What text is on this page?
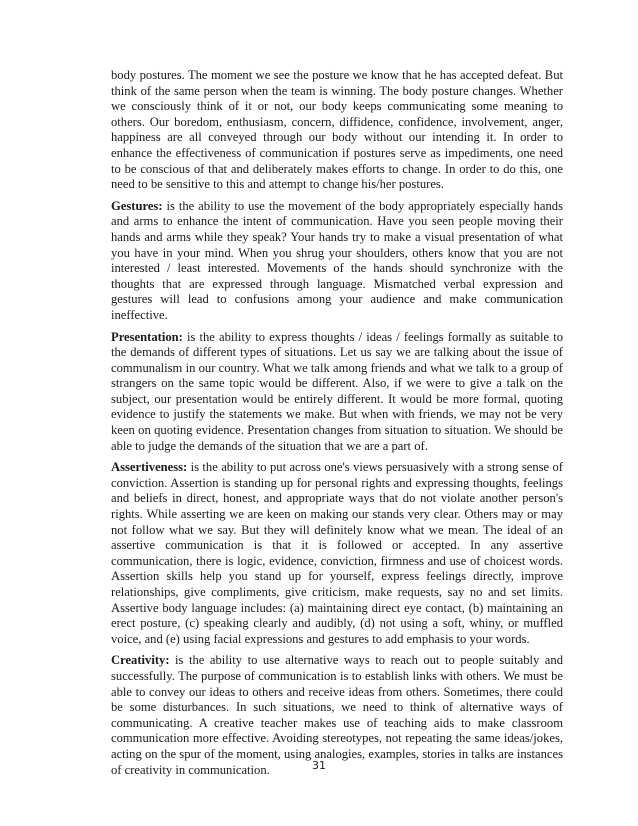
body postures. The moment we see the posture we know that he has accepted defeat. But think of the same person when the team is winning. The body posture changes. Whether we consciously think of it or not, our body keeps communicating some meaning to others. Our boredom, enthusiasm, concern, diffidence, confidence, involvement, anger, happiness are all conveyed through our body without our intending it. In order to enhance the effectiveness of communication if postures serve as impediments, one need to be conscious of that and deliberately makes efforts to change. In order to do this, one need to be sensitive to this and attempt to change his/her postures.

Gestures: is the ability to use the movement of the body appropriately especially hands and arms to enhance the intent of communication. Have you seen people moving their hands and arms while they speak? Your hands try to make a visual presentation of what you have in your mind. When you shrug your shoulders, others know that you are not interested / least interested. Movements of the hands should synchronize with the thoughts that are expressed through language. Mismatched verbal expression and gestures will lead to confusions among your audience and make communication ineffective.

Presentation: is the ability to express thoughts / ideas / feelings formally as suitable to the demands of different types of situations. Let us say we are talking about the issue of communalism in our country. What we talk among friends and what we talk to a group of strangers on the same topic would be different. Also, if we were to give a talk on the subject, our presentation would be entirely different. It would be more formal, quoting evidence to justify the statements we make. But when with friends, we may not be very keen on quoting evidence. Presentation changes from situation to situation. We should be able to judge the demands of the situation that we are a part of.

Assertiveness: is the ability to put across one's views persuasively with a strong sense of conviction. Assertion is standing up for personal rights and expressing thoughts, feelings and beliefs in direct, honest, and appropriate ways that do not violate another person's rights. While asserting we are keen on making our stands very clear. Others may or may not follow what we say. But they will definitely know what we mean. The ideal of an assertive communication is that it is followed or accepted. In any assertive communication, there is logic, evidence, conviction, firmness and use of choicest words. Assertion skills help you stand up for yourself, express feelings directly, improve relationships, give compliments, give criticism, make requests, say no and set limits. Assertive body language includes: (a) maintaining direct eye contact, (b) maintaining an erect posture, (c) speaking clearly and audibly, (d) not using a soft, whiny, or muffled voice, and (e) using facial expressions and gestures to add emphasis to your words.

Creativity: is the ability to use alternative ways to reach out to people suitably and successfully. The purpose of communication is to establish links with others. We must be able to convey our ideas to others and receive ideas from others. Sometimes, there could be some disturbances. In such situations, we need to think of alternative ways of communicating. A creative teacher makes use of teaching aids to make classroom communication more effective. Avoiding stereotypes, not repeating the same ideas/jokes, acting on the spur of the moment, using analogies, examples, stories in talks are instances of creativity in communication.	31
